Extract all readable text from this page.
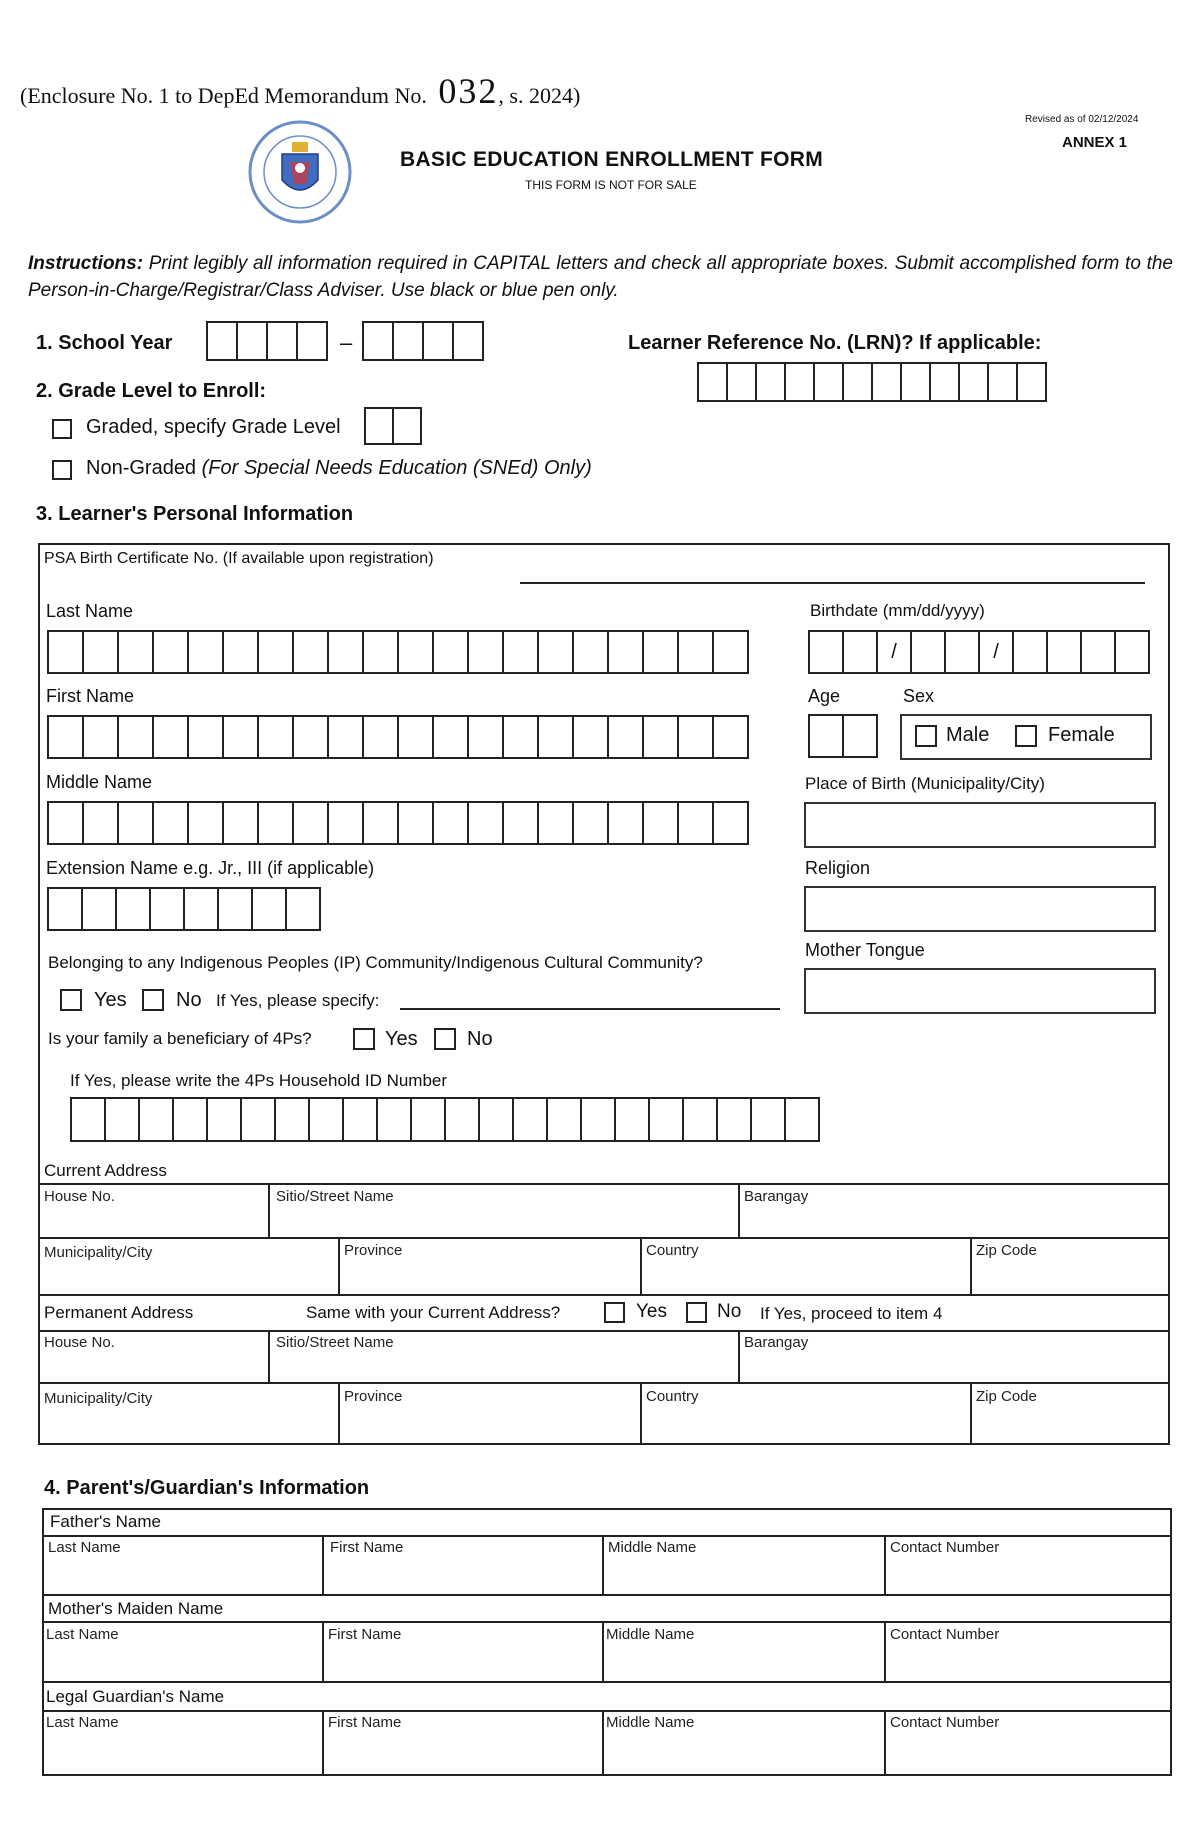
(Enclosure No. 1 to DepEd Memorandum No. 032, s. 2024)
BASIC EDUCATION ENROLLMENT FORM
THIS FORM IS NOT FOR SALE
Revised as of 02/12/2024
ANNEX 1
Instructions: Print legibly all information required in CAPITAL letters and check all appropriate boxes. Submit accomplished form to the Person-in-Charge/Registrar/Class Adviser. Use black or blue pen only.
1. School Year	–	Learner Reference No. (LRN)? If applicable:
2. Grade Level to Enroll:
Graded, specify Grade Level
Non-Graded (For Special Needs Education (SNEd) Only)
3. Learner's Personal Information
PSA Birth Certificate No. (If available upon registration)
Last Name
First Name
Middle Name
Extension Name e.g. Jr., III (if applicable)
Birthdate (mm/dd/yyyy)
/	/
Age	Sex
Male	Female
Place of Birth (Municipality/City)
Religion
Mother Tongue
Belonging to any Indigenous Peoples (IP) Community/Indigenous Cultural Community?
Yes No If Yes, please specify:
Is your family a beneficiary of 4Ps?	Yes No
If Yes, please write the 4Ps Household ID Number
Current Address
House No.	Sitio/Street Name	Barangay
Municipality/City	Province	Country	Zip Code
Permanent Address	Same with your Current Address?	Yes	No If Yes, proceed to item 4
House No.	Sitio/Street Name	Barangay
Municipality/City	Province	Country	Zip Code
4. Parent's/Guardian's Information
Father's Name
Last Name	First Name	Middle Name	Contact Number
Mother's Maiden Name
Last Name	First Name	Middle Name	Contact Number
Legal Guardian's Name
Last Name	First Name	Middle Name	Contact Number
